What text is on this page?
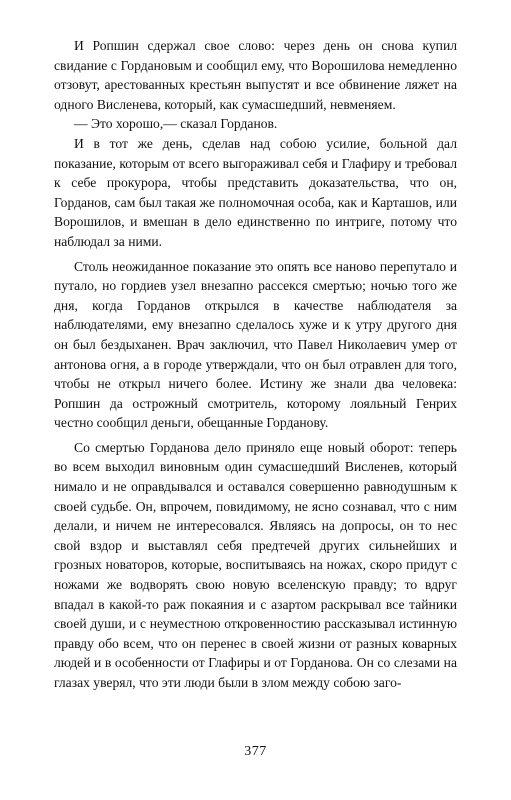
И Ропшин сдержал свое слово: через день он снова купил свидание с Гордановым и сообщил ему, что Ворошилова немедленно отзовут, арестованных крестьян выпустят и все обвинение ляжет на одного Висленева, который, как сумасшедший, невменяем.

— Это хорошо,— сказал Горданов.

И в тот же день, сделав над собою усилие, больной дал показание, которым от всего выгораживал себя и Глафиру и требовал к себе прокурора, чтобы представить доказательства, что он, Горданов, сам был такая же полномочная особа, как и Карташов, или Ворошилов, и вмешан в дело единственно по интриге, потому что наблюдал за ними.

Столь неожиданное показание это опять все наново перепутало и путало, но гордиев узел внезапно рассекся смертью; ночью того же дня, когда Горданов открылся в качестве наблюдателя за наблюдателями, ему внезапно сделалось хуже и к утру другого дня он был бездыханен. Врач заключил, что Павел Николаевич умер от антонова огня, а в городе утверждали, что он был отравлен для того, чтобы не открыл ничего более. Истину же знали два человека: Ропшин да острожный смотритель, которому лояльный Генрих честно сообщил деньги, обещанные Горданову.

Со смертью Горданова дело приняло еще новый оборот: теперь во всем выходил виновным один сумасшедший Висленев, который нимало и не оправдывался и оставался совершенно равнодушным к своей судьбе. Он, впрочем, повидимому, не ясно сознавал, что с ним делали, и ничем не интересовался. Являясь на допросы, он то нес свой вздор и выставлял себя предтечей других сильнейших и грозных новаторов, которые, воспитываясь на ножах, скоро придут с ножами же водворять свою новую вселенскую правду; то вдруг впадал в какой-то раж покаяния и с азартом раскрывал все тайники своей души, и с неуместною откровенностию рассказывал истинную правду обо всем, что он перенес в своей жизни от разных коварных людей и в особенности от Глафиры и от Горданова. Он со слезами на глазах уверял, что эти люди были в злом между собою заго-

377
